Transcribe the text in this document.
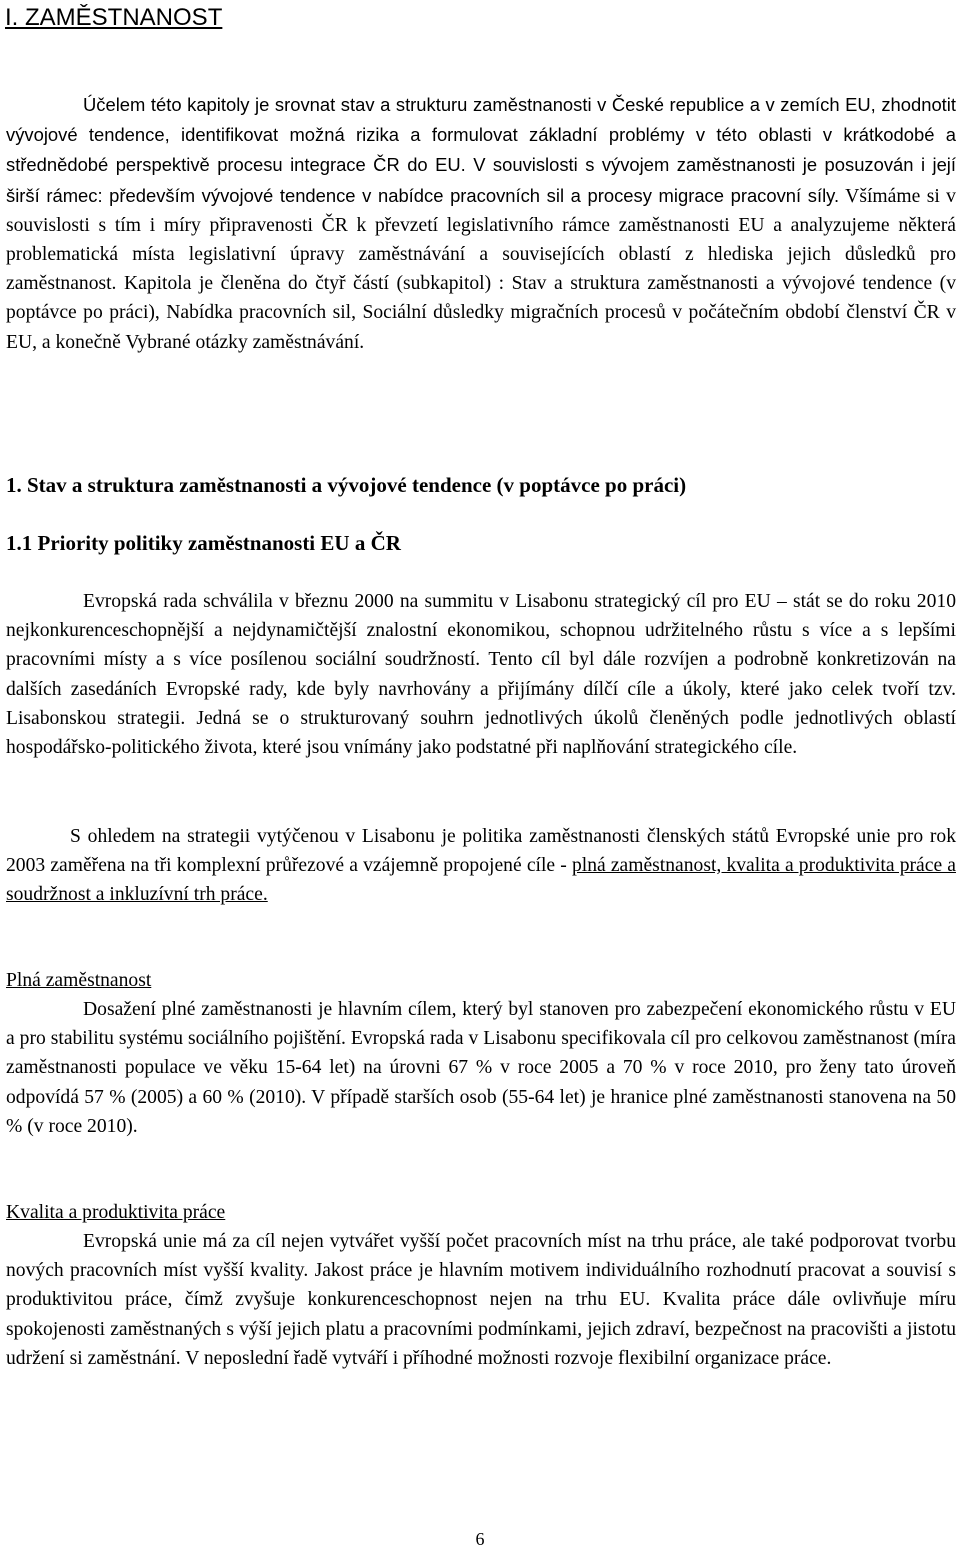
I. ZAMĚSTNANOST

Účelem této kapitoly je srovnat stav a strukturu zaměstnanosti v České republice a v zemích EU, zhodnotit vývojové tendence, identifikovat možná rizika a formulovat základní problémy v této oblasti v krátkodobé a střednědobé perspektivě procesu integrace ČR do EU. V souvislosti s vývojem zaměstnanosti je posuzován i její širší rámec: především vývojové tendence v nabídce pracovních sil a procesy migrace pracovní síly. Všímáme si v souvislosti s tím i míry připravenosti ČR k převzetí legislativního rámce zaměstnanosti EU a analyzujeme některá problematická místa legislativní úpravy zaměstnávání a souvisejících oblastí z hlediska jejich důsledků pro zaměstnanost. Kapitola je členěna do čtyř částí (subkapitol) : Stav a struktura zaměstnanosti a vývojové tendence (v poptávce po práci), Nabídka pracovních sil, Sociální důsledky migračních procesů v počátečním období členství ČR v EU, a konečně Vybrané otázky zaměstnávání.

1. Stav a struktura zaměstnanosti a vývojové tendence (v poptávce po práci)
1.1 Priority politiky zaměstnanosti EU a ČR

Evropská rada schválila v březnu 2000 na summitu v Lisabonu strategický cíl pro EU – stát se do roku 2010 nejkonkurenceschopnější a nejdynamičtější znalostní ekonomikou, schopnou udržitelného růstu s více a s lepšími pracovními místy a s více posílenou sociální soudržností. Tento cíl byl dále rozvíjen a podrobně konkretizován na dalších zasedáních Evropské rady, kde byly navrhovány a přijímány dílčí cíle a úkoly, které jako celek tvoří tzv. Lisabonskou strategii. Jedná se o strukturovaný souhrn jednotlivých úkolů členěných podle jednotlivých oblastí hospodářsko-politického života, které jsou vnímány jako podstatné při naplňování strategického cíle.

S ohledem na strategii vytýčenou v Lisabonu je politika zaměstnanosti členských států Evropské unie pro rok 2003 zaměřena na tři komplexní průřezové a vzájemně propojené cíle - plná zaměstnanost, kvalita a produktivita práce a soudržnost a inkluzívní trh práce.

Plná zaměstnanost

Dosažení plné zaměstnanosti je hlavním cílem, který byl stanoven pro zabezpečení ekonomického růstu v EU a pro stabilitu systému sociálního pojištění. Evropská rada v Lisabonu specifikovala cíl pro celkovou zaměstnanost (míra zaměstnanosti populace ve věku 15-64 let) na úrovni 67 % v roce 2005 a 70 % v roce 2010, pro ženy tato úroveň odpovídá 57 % (2005) a 60 % (2010). V případě starších osob (55-64 let) je hranice plné zaměstnanosti stanovena na 50 % (v roce 2010).

Kvalita a produktivita práce

Evropská unie má za cíl nejen vytvářet vyšší počet pracovních míst na trhu práce, ale také podporovat tvorbu nových pracovních míst vyšší kvality. Jakost práce je hlavním motivem individuálního rozhodnutí pracovat a souvisí s produktivitou práce, čímž zvyšuje konkurenceschopnost nejen na trhu EU. Kvalita práce dále ovlivňuje míru spokojenosti zaměstnaných s výší jejich platu a pracovními podmínkami, jejich zdraví, bezpečnost na pracovišti a jistotu udržení si zaměstnání. V neposlední řadě vytváří i příhodné možnosti rozvoje flexibilní organizace práce.

6
